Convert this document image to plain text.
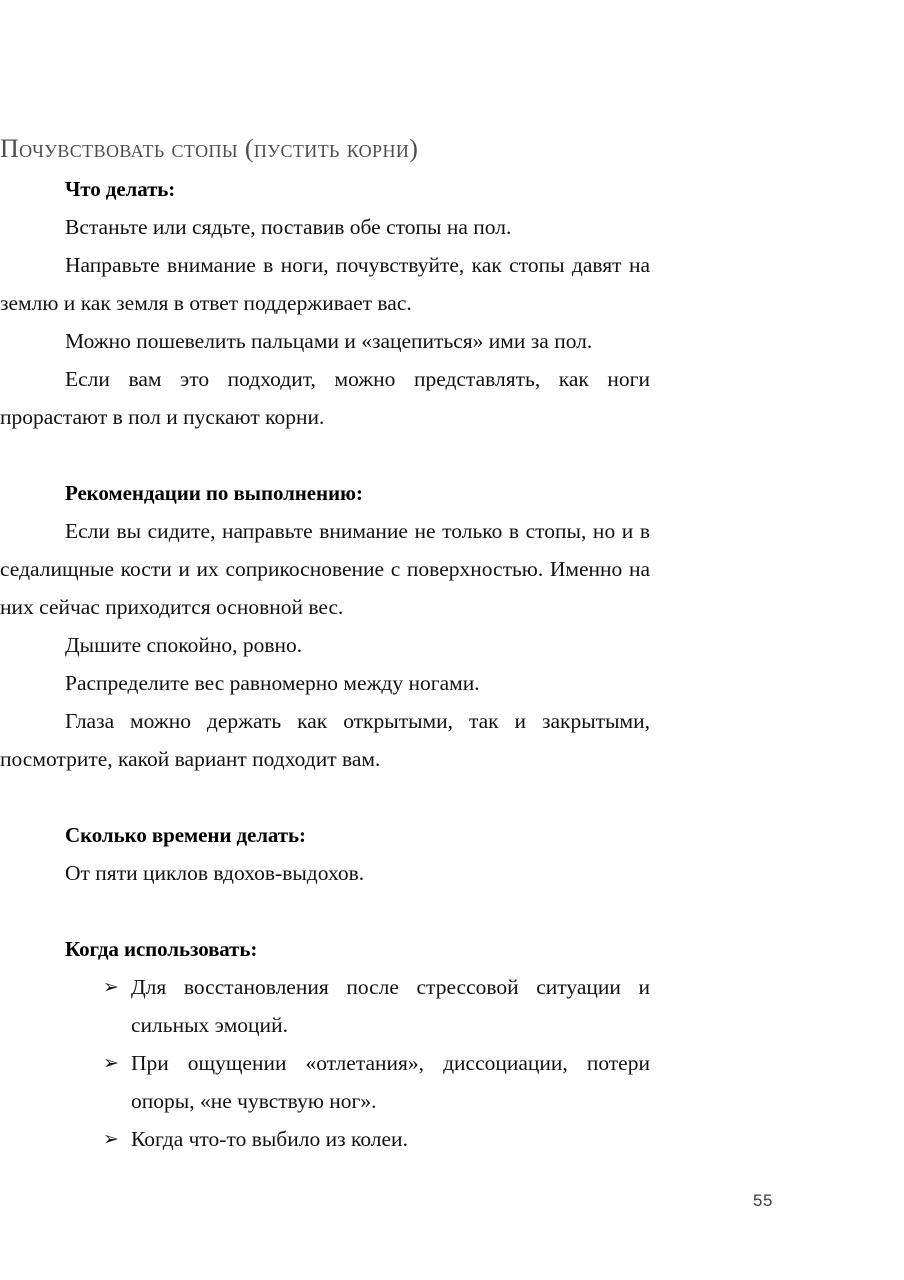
Почувствовать стопы (пустить корни)
Что делать:

Встаньте или сядьте, поставив обе стопы на пол.

Направьте внимание в ноги, почувствуйте, как стопы давят на землю и как земля в ответ поддерживает вас.

Можно пошевелить пальцами и «зацепиться» ими за пол.

Если вам это подходит, можно представлять, как ноги прорастают в пол и пускают корни.

Рекомендации по выполнению:

Если вы сидите, направьте внимание не только в стопы, но и в седалищные кости и их соприкосновение с поверхностью. Именно на них сейчас приходится основной вес.

Дышите спокойно, ровно.

Распределите вес равномерно между ногами.

Глаза можно держать как открытыми, так и закрытыми, посмотрите, какой вариант подходит вам.

Сколько времени делать:

От пяти циклов вдохов-выдохов.

Когда использовать:
➢ Для восстановления после стрессовой ситуации и сильных эмоций.
➢ При ощущении «отлетания», диссоциации, потери опоры, «не чувствую ног».
➢ Когда что-то выбило из колеи.
55
